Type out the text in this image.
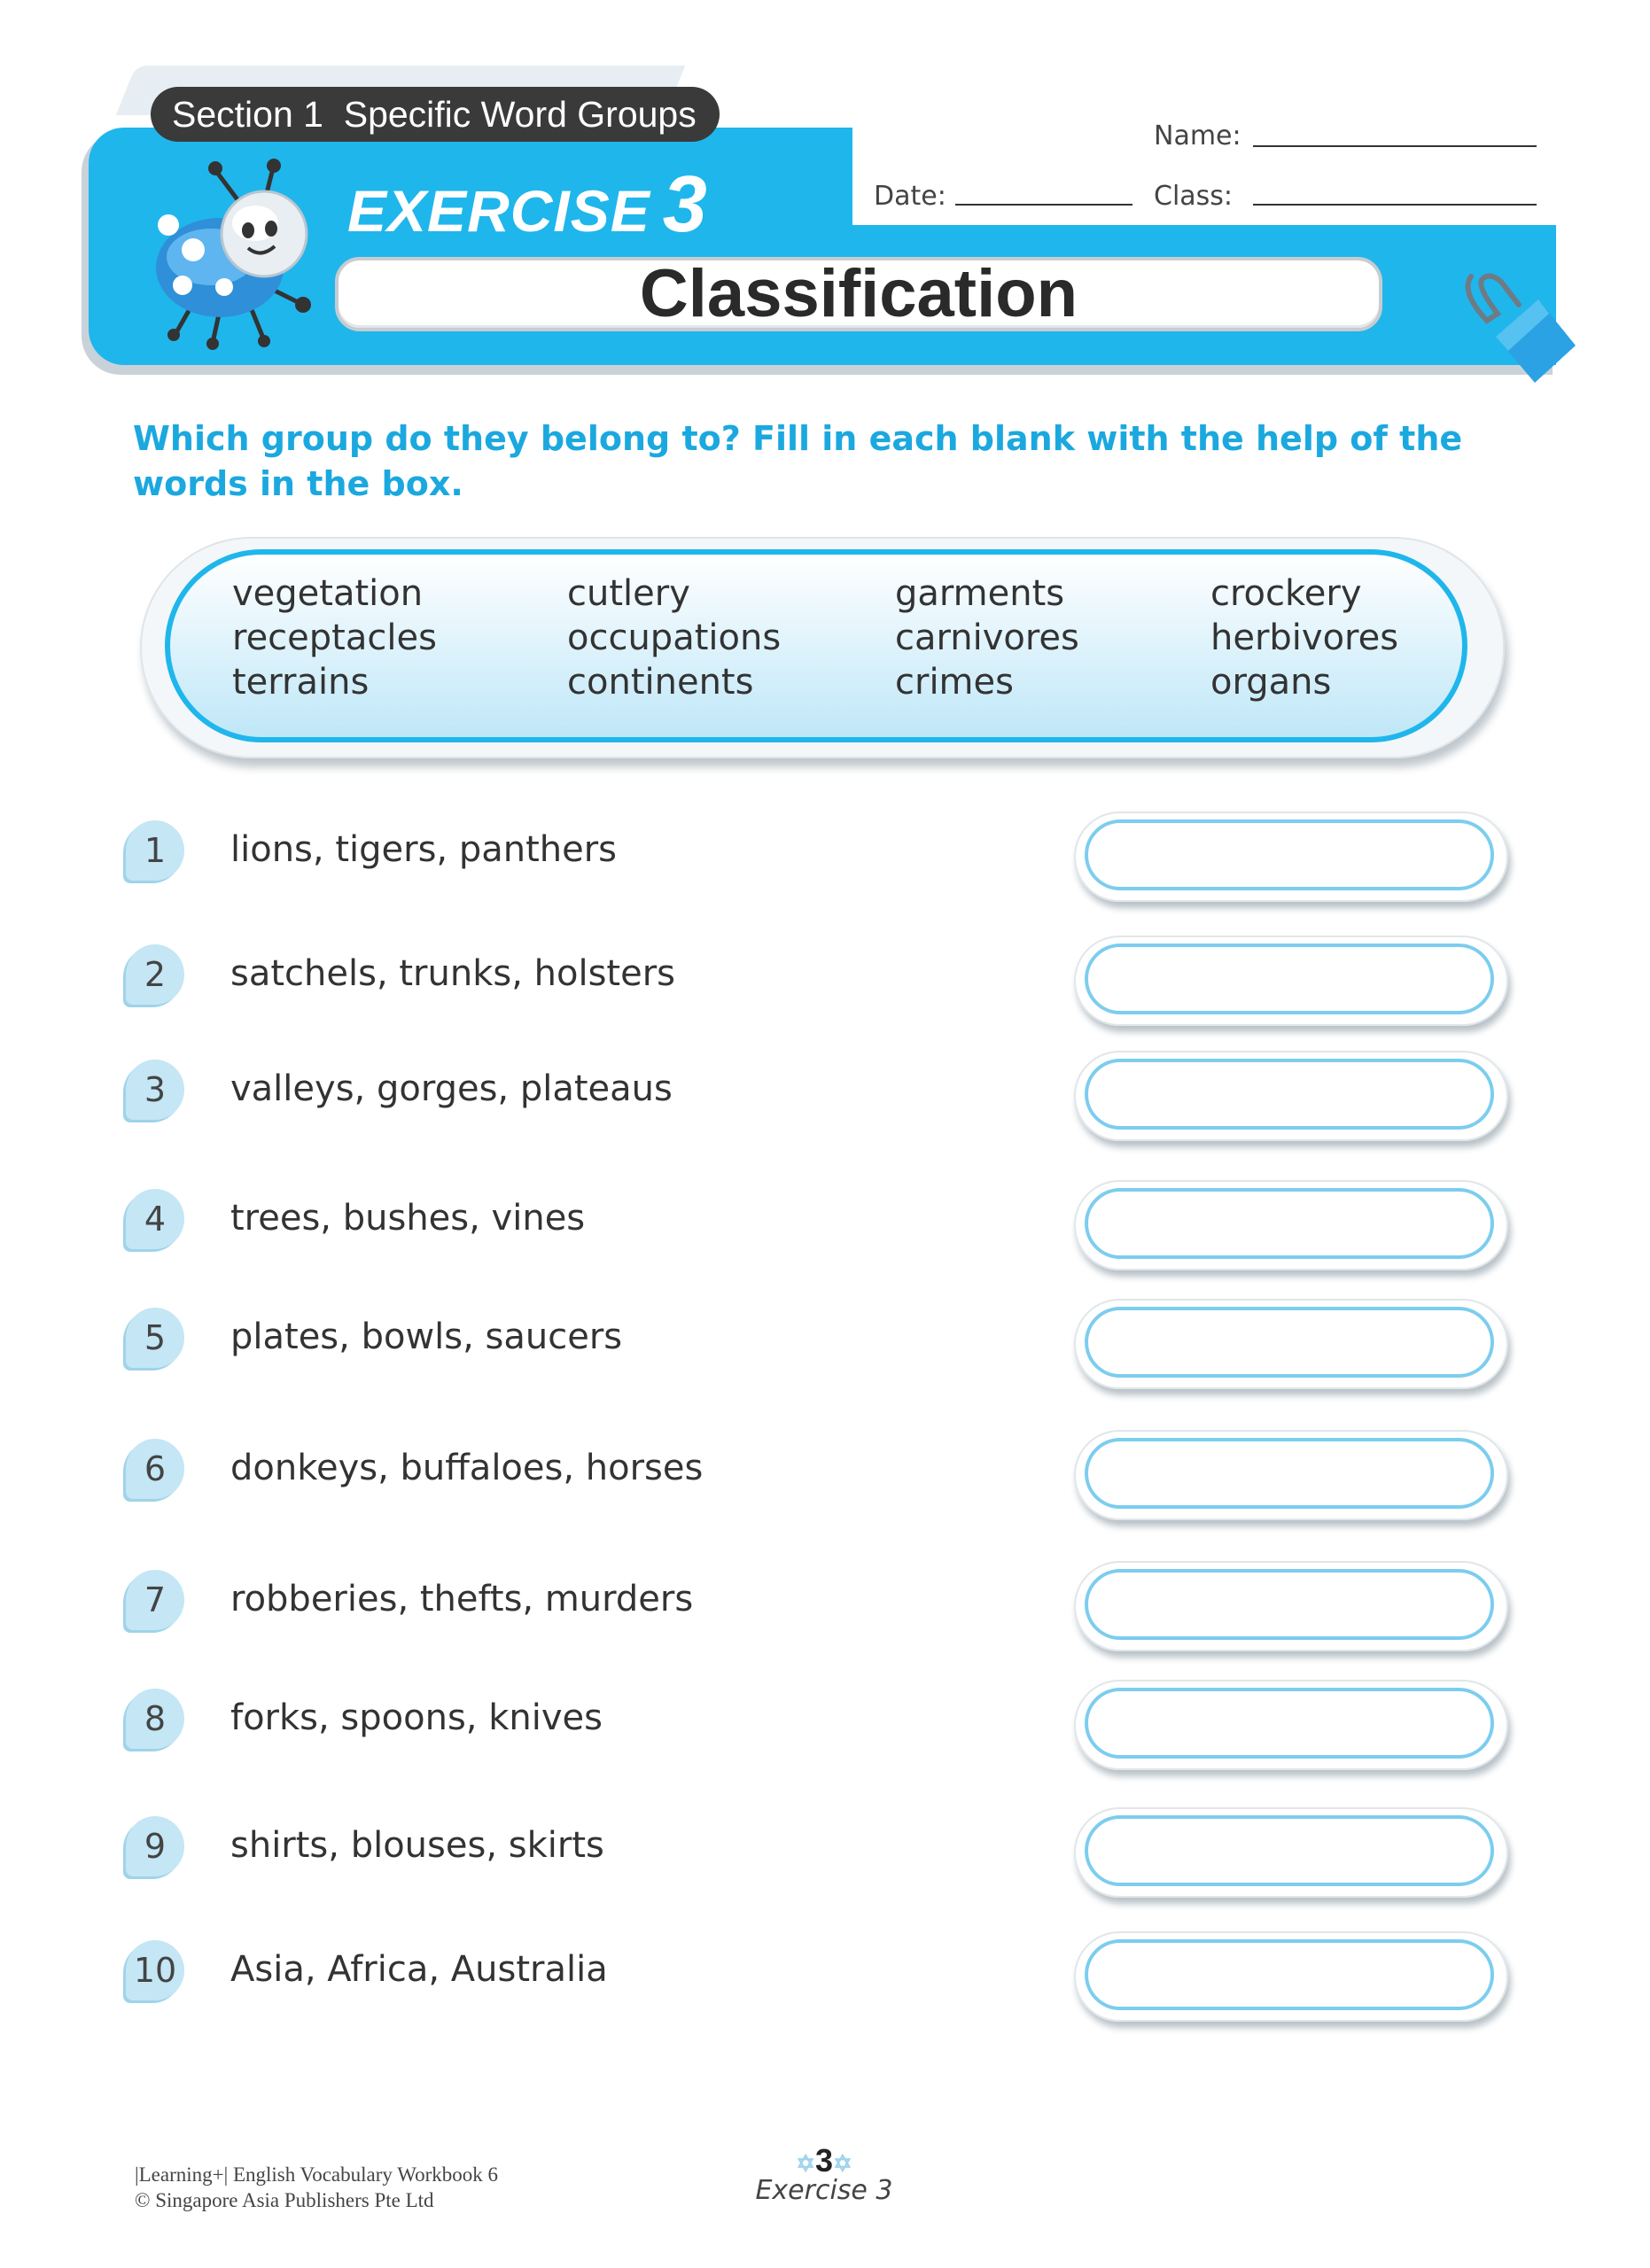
Section 1  Specific Word Groups
EXERCISE 3
Classification
Name:
Date:	Class:
Which group do they belong to? Fill in each blank with the help of the words in the box.
vegetation
receptacles
terrains
cutlery
occupations
continents
garments
carnivores
crimes
crockery
herbivores
organs
1	lions, tigers, panthers
2	satchels, trunks, holsters
3	valleys, gorges, plateaus
4	trees, bushes, vines
5	plates, bowls, saucers
6	donkeys, buffaloes, horses
7	robberies, thefts, murders
8	forks, spoons, knives
9	shirts, blouses, skirts
10 Asia, Africa, Australia
|Learning+| English Vocabulary Workbook 6
© Singapore Asia Publishers Pte Ltd
✡3✡
Exercise 3
